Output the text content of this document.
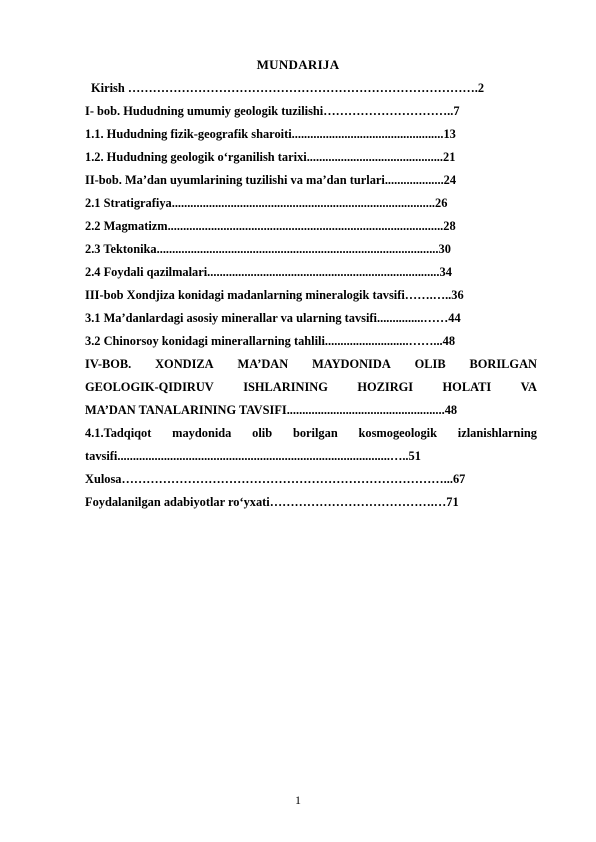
MUNDARIJA
Kirish ………………………………………………………………………….2
I- bob. Hududning umumiy geologik tuzilishi…………………………..7
1.1. Hududning fizik-geografik sharoiti.................................................13
1.2. Hududning geologik o‘rganilish tarixi............................................21
II-bob. Ma’dan uyumlarining tuzilishi va ma’dan turlari...................24
2.1 Stratigrafiya.....................................................................................26
2.2 Magmatizm.........................................................................................28
2.3 Tektonika...........................................................................................30
2.4 Foydali qazilmalari...........................................................................34
III-bob Xondjiza konidagi madanlarning mineralogik tavsifi…….…..36
3.1 Ma’danlardagi asosiy minerallar va ularning tavsifi...............……44
3.2 Chinorsoy konidagi minerallarning tahlili...........................……...48
IV-BOB. XONDIZA MA’DAN MAYDONIDA OLIB BORILGAN
GEOLOGIK-QIDIRUV ISHLARINING HOZIRGI HOLATI VA
MA’DAN TANALARINING TAVSIFI...................................................48
4.1.Tadqiqot maydonida olib borilgan kosmogeologik izlanishlarning
tavsifi........................................................................................…..51
Xulosa……………………………………………………………………...67
Foydalanilgan adabiyotlar ro‘yxati………………………………….…71
1
